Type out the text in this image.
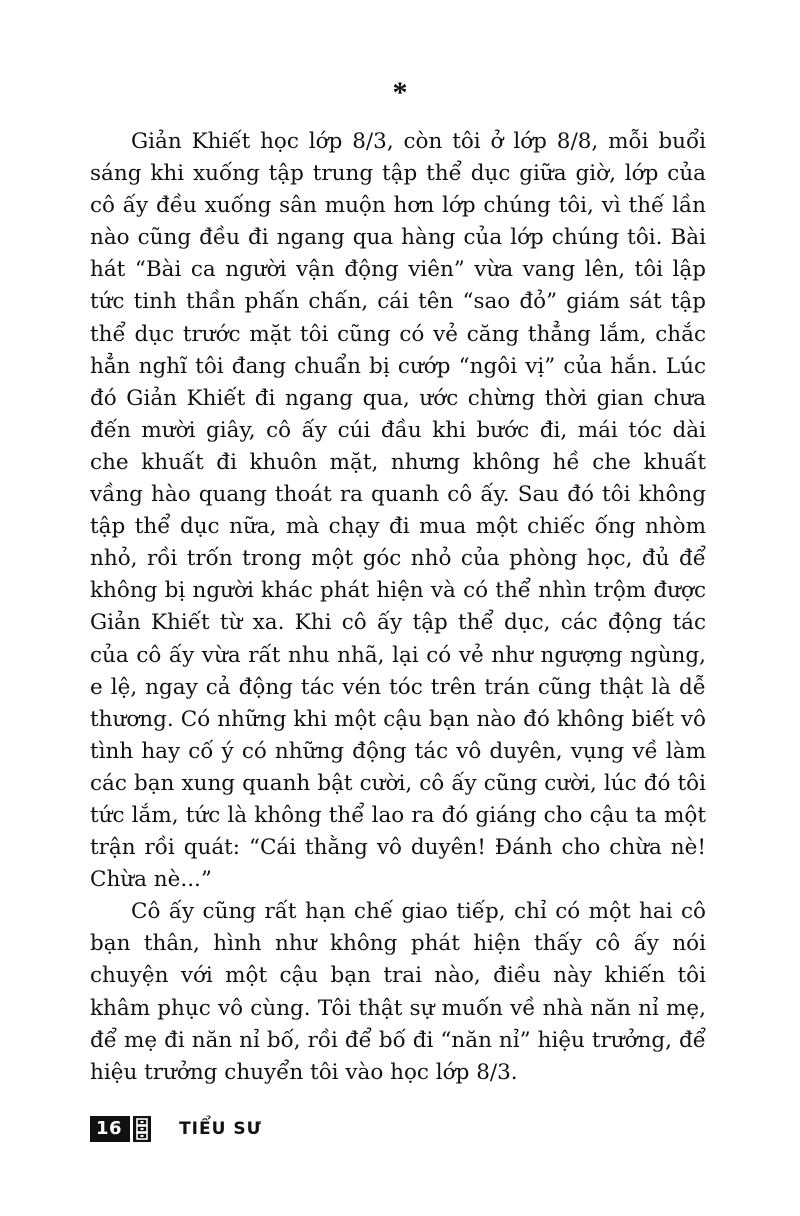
*

Giản Khiết học lớp 8/3, còn tôi ở lớp 8/8, mỗi buổi sáng khi xuống tập trung tập thể dục giữa giờ, lớp của cô ấy đều xuống sân muộn hơn lớp chúng tôi, vì thế lần nào cũng đều đi ngang qua hàng của lớp chúng tôi. Bài hát “Bài ca người vận động viên” vừa vang lên, tôi lập tức tinh thần phấn chấn, cái tên “sao đỏ” giám sát tập thể dục trước mặt tôi cũng có vẻ căng thẳng lắm, chắc hẳn nghĩ tôi đang chuẩn bị cướp “ngôi vị” của hắn. Lúc đó Giản Khiết đi ngang qua, ước chừng thời gian chưa đến mười giây, cô ấy cúi đầu khi bước đi, mái tóc dài che khuất đi khuôn mặt, nhưng không hề che khuất vầng hào quang thoát ra quanh cô ấy. Sau đó tôi không tập thể dục nữa, mà chạy đi mua một chiếc ống nhòm nhỏ, rồi trốn trong một góc nhỏ của phòng học, đủ để không bị người khác phát hiện và có thể nhìn trộm được Giản Khiết từ xa. Khi cô ấy tập thể dục, các động tác của cô ấy vừa rất nhu nhã, lại có vẻ như ngượng ngùng, e lệ, ngay cả động tác vén tóc trên trán cũng thật là dễ thương. Có những khi một cậu bạn nào đó không biết vô tình hay cố ý có những động tác vô duyên, vụng về làm các bạn xung quanh bật cười, cô ấy cũng cười, lúc đó tôi tức lắm, tức là không thể lao ra đó giáng cho cậu ta một trận rồi quát: “Cái thằng vô duyên! Đánh cho chừa nè! Chừa nè...”

Cô ấy cũng rất hạn chế giao tiếp, chỉ có một hai cô bạn thân, hình như không phát hiện thấy cô ấy nói chuyện với một cậu bạn trai nào, điều này khiến tôi khâm phục vô cùng. Tôi thật sự muốn về nhà năn nỉ mẹ, để mẹ đi năn nỉ bố, rồi để bố đi “năn nỉ” hiệu trưởng, để hiệu trưởng chuyển tôi vào học lớp 8/3.

16	TIỂU SƯ
